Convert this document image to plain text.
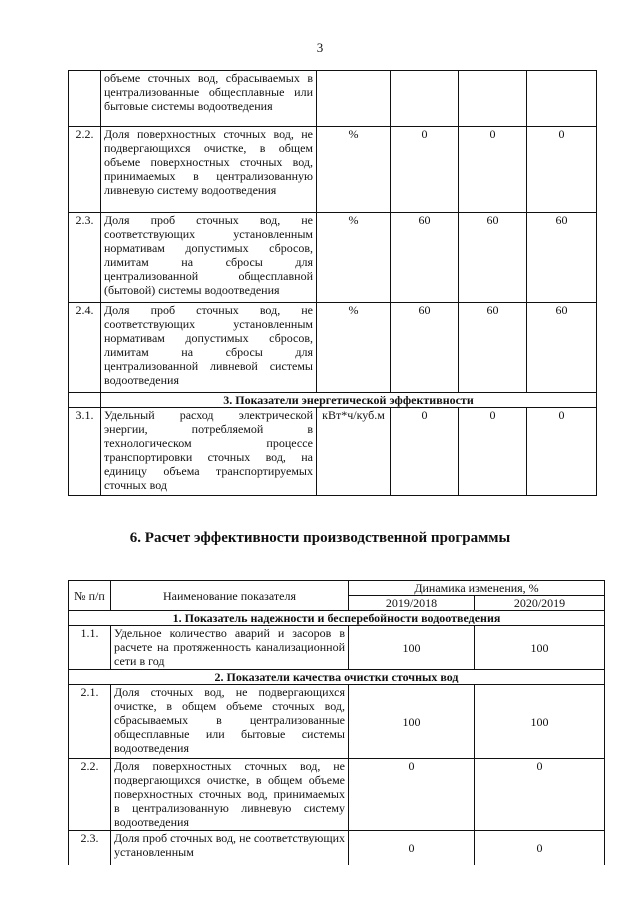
3
	объеме сточных вод, сбрасываемых в централизованные общесплавные или бытовые системы водоотведения				
2.2.	Доля поверхностных сточных вод, не подвергающихся очистке, в общем объеме поверхностных сточных вод, принимаемых в централизованную ливневую систему водоотведения	%	0	0	0
2.3.	Доля проб сточных вод, не соответствующих установленным нормативам допустимых сбросов, лимитам на сбросы для централизованной общесплавной (бытовой) системы водоотведения	%	60	60	60
2.4.	Доля проб сточных вод, не соответствующих установленным нормативам допустимых сбросов, лимитам на сбросы для централизованной ливневой системы водоотведения	%	60	60	60
	3. Показатели энергетической эффективности				
3.1.	Удельный расход электрической энергии, потребляемой в технологическом процессе транспортировки сточных вод, на единицу объема транспортируемых сточных вод	кВт*ч/куб.м	0	0	0
6. Расчет эффективности производственной программы
№ п/п	Наименование показателя	Динамика изменения, %	
		2019/2018	2020/2019
1. Показатель надежности и бесперебойности водоотведения			
1.1.	Удельное количество аварий и засоров в расчете на протяженность канализационной сети в год	100	100
2. Показатели качества очистки сточных вод			
2.1.	Доля сточных вод, не подвергающихся очистке, в общем объеме сточных вод, сбрасываемых в централизованные общесплавные или бытовые системы водоотведения	100	100
2.2.	Доля поверхностных сточных вод, не подвергающихся очистке, в общем объеме поверхностных сточных вод, принимаемых в централизованную ливневую систему водоотведения	0	0
2.3.	Доля проб сточных вод, не соответствующих установленным	0	0
